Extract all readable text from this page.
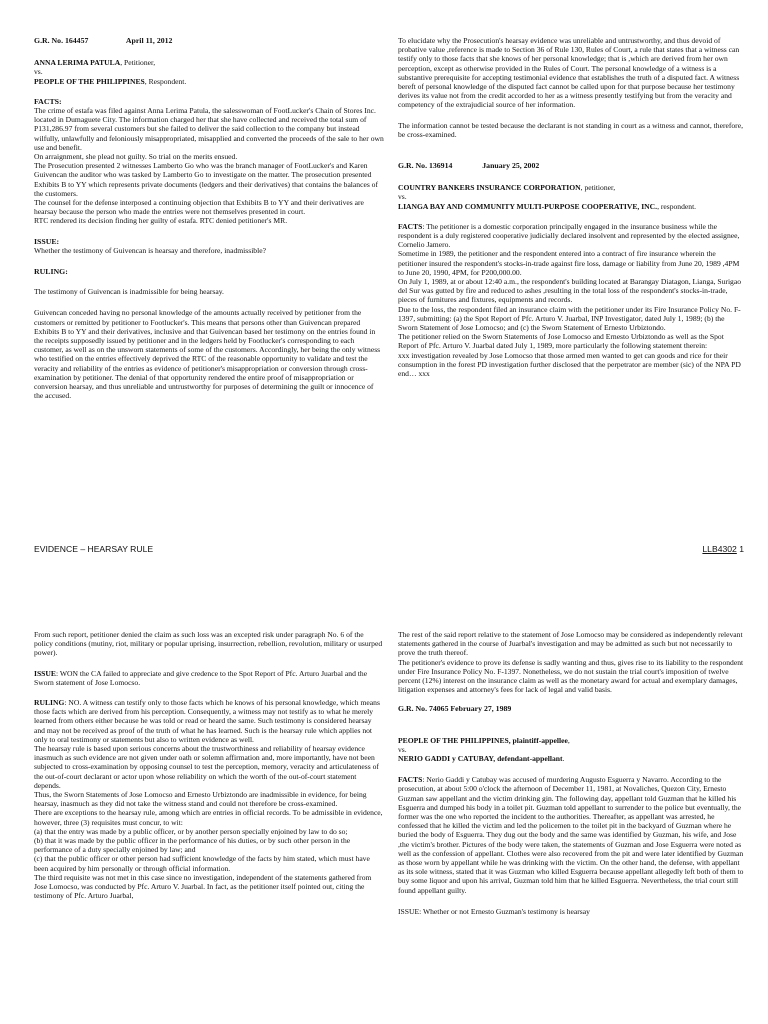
G.R. No. 164457	April 11, 2012

ANNA LERIMA PATULA, Petitioner,

vs.

PEOPLE OF THE PHILIPPINES, Respondent.

FACTS:

The crime of estafa was filed against Anna Lerima Patula, the salesswoman of FootLucker's Chain of Stores Inc. located in Dumaguete City. The information charged her that she have collected and received the total sum of P131,286.97 from several customers but she failed to deliver the said collection to the company but instead wilfully, unlawfully and feloniously misappropriated, misapplied and converted the proceeds of the sale to her own use and benefit.

On arraignment, she plead not guilty. So trial on the merits ensued.

The Prosecution presented 2 witnesses Lamberto Go who was the branch manager of FootLucker's and Karen Guivencan the auditor who was tasked by Lamberto Go to investigate on the matter. The prosecution presented Exhibits B to YY which represents private documents (ledgers and their derivatives) that contains the balances of the customers.

The counsel for the defense interposed a continuing objection that Exhibits B to YY and their derivatives are hearsay because the person who made the entries were not themselves presented in court.

RTC rendered its decision finding her guilty of estafa. RTC denied petitioner's MR.

ISSUE:

Whether the testimony of Guivencan is hearsay and therefore, inadmissible?

RULING:

The testimony of Guivencan is inadmissible for being hearsay.

Guivencan conceded having no personal knowledge of the amounts actually received by petitioner from the customers or remitted by petitioner to Footlucker's. This means that persons other than Guivencan prepared Exhibits B to YY and their derivatives, inclusive and that Guivencan based her testimony on the entries found in the receipts supposedly issued by petitioner and in the ledgers held by Footlucker's corresponding to each customer, as well as on the unsworn statements of some of the customers. Accordingly, her being the only witness who testified on the entries effectively deprived the RTC of the reasonable opportunity to validate and test the veracity and reliability of the entries as evidence of petitioner's misappropriation or conversion through cross-examination by petitioner. The denial of that opportunity rendered the entire proof of misappropriation or conversion hearsay, and thus unreliable and untrustworthy for purposes of determining the guilt or innocence of the accused.

To elucidate why the Prosecution's hearsay evidence was unreliable and untrustworthy, and thus devoid of probative value ,reference is made to Section 36 of Rule 130, Rules of Court, a rule that states that a witness can testify only to those facts that she knows of her personal knowledge; that is ,which are derived from her own perception, except as otherwise provided in the Rules of Court. The personal knowledge of a witness is a substantive prerequisite for accepting testimonial evidence that establishes the truth of a disputed fact. A witness bereft of personal knowledge of the disputed fact cannot be called upon for that purpose because her testimony derives its value not from the credit accorded to her as a witness presently testifying but from the veracity and competency of the extrajudicial source of her information.

The information cannot be tested because the declarant is not standing in court as a witness and cannot, therefore, be cross-examined.

G.R. No. 136914	January 25, 2002

COUNTRY BANKERS INSURANCE CORPORATION, petitioner,

vs.

LIANGA BAY AND COMMUNITY MULTI-PURPOSE COOPERATIVE, INC., respondent.

FACTS: The petitioner is a domestic corporation principally engaged in the insurance business while the respondent is a duly registered cooperative judicially declared insolvent and represented by the elected assignee, Cornelio Jamero.

Sometime in 1989, the petitioner and the respondent entered into a contract of fire insurance wherein the petitioner insured the respondent's stocks-in-trade against fire loss, damage or liability from June 20, 1989 ,4PM to June 20, 1990, 4PM, for P200,000.00.

On July 1, 1989, at or about 12:40 a.m., the respondent's building located at Barangay Diatagon, Lianga, Surigao del Sur was gutted by fire and reduced to ashes ,resulting in the total loss of the respondent's stocks-in-trade, pieces of furnitures and fixtures, equipments and records.

Due to the loss, the respondent filed an insurance claim with the petitioner under its Fire Insurance Policy No. F-1397, submitting: (a) the Spot Report of Pfc. Arturo V. Juarbal, INP Investigator, dated July 1, 1989; (b) the Sworn Statement of Jose Lomocso; and (c) the Sworn Statement of Ernesto Urbiztondo.

The petitioner relied on the Sworn Statements of Jose Lomocso and Ernesto Urbiztondo as well as the Spot Report of Pfc. Arturo V. Juarbal dated July 1, 1989, more particularly the following statement therein:

xxx investigation revealed by Jose Lomocso that those armed men wanted to get can goods and rice for their consumption in the forest PD investigation further disclosed that the perpetrator are member (sic) of the NPA PD end… xxx

EVIDENCE – HEARSAY RULE	LLB4302 1

From such report, petitioner denied the claim as such loss was an excepted risk under paragraph No. 6 of the policy conditions (mutiny, riot, military or popular uprising, insurrection, rebellion, revolution, military or usurped power).

ISSUE: WON the CA failed to appreciate and give credence to the Spot Report of Pfc. Arturo Juarbal and the Sworn statement of Jose Lomocso.

RULING: NO. A witness can testify only to those facts which he knows of his personal knowledge, which means those facts which are derived from his perception. Consequently, a witness may not testify as to what he merely learned from others either because he was told or read or heard the same. Such testimony is considered hearsay and may not be received as proof of the truth of what he has learned. Such is the hearsay rule which applies not only to oral testimony or statements but also to written evidence as well.

The hearsay rule is based upon serious concerns about the trustworthiness and reliability of hearsay evidence inasmuch as such evidence are not given under oath or solemn affirmation and, more importantly, have not been subjected to cross-examination by opposing counsel to test the perception, memory, veracity and articulateness of the out-of-court declarant or actor upon whose reliability on which the worth of the out-of-court statement depends.

Thus, the Sworn Statements of Jose Lomocso and Ernesto Urbiztondo are inadmissible in evidence, for being hearsay, inasmuch as they did not take the witness stand and could not therefore be cross-examined.

There are exceptions to the hearsay rule, among which are entries in official records. To be admissible in evidence, however, three (3) requisites must concur, to wit:

(a) that the entry was made by a public officer, or by another person specially enjoined by law to do so;

(b) that it was made by the public officer in the performance of his duties, or by such other person in the performance of a duty specially enjoined by law; and

(c) that the public officer or other person had sufficient knowledge of the facts by him stated, which must have been acquired by him personally or through official information.

The third requisite was not met in this case since no investigation, independent of the statements gathered from Jose Lomocso, was conducted by Pfc. Arturo V. Juarbal. In fact, as the petitioner itself pointed out, citing the testimony of Pfc. Arturo Juarbal,

The rest of the said report relative to the statement of Jose Lomocso may be considered as independently relevant statements gathered in the course of Juarbal's investigation and may be admitted as such but not necessarily to prove the truth thereof.

The petitioner's evidence to prove its defense is sadly wanting and thus, gives rise to its liability to the respondent under Fire Insurance Policy No. F-1397. Nonetheless, we do not sustain the trial court's imposition of twelve percent (12%) interest on the insurance claim as well as the monetary award for actual and exemplary damages, litigation expenses and attorney's fees for lack of legal and valid basis.

G.R. No. 74065 February 27, 1989

PEOPLE OF THE PHILIPPINES, plaintiff-appellee,

vs.

NERIO GADDI y CATUBAY, defendant-appellant.

FACTS: Nerio Gaddi y Catubay was accused of murdering Augusto Esguerra y Navarro. According to the prosecution, at about 5:00 o'clock the afternoon of December 11, 1981, at Novaliches, Quezon City, Ernesto Guzman saw appellant and the victim drinking gin. The following day, appellant told Guzman that he killed his Esguerra and dumped his body in a toilet pit. Guzman told appellant to surrender to the police but eventually, the former was the one who reported the incident to the authorities. Thereafter, as appellant was arrested, he confessed that he killed the victim and led the policemen to the toilet pit in the backyard of Guzman where he buried the body of Esguerra. They dug out the body and the same was identified by Guzman, his wife, and Jose ,the victim's brother. Pictures of the body were taken, the statements of Guzman and Jose Esguerra were noted as well as the confession of appellant. Clothes were also recovered from the pit and were later identified by Guzman as those worn by appellant while he was drinking with the victim. On the other hand, the defense, with appellant as its sole witness, stated that it was Guzman who killed Esguerra because appellant allegedly left both of them to buy some liquor and upon his arrival, Guzman told him that he killed Esguerra. Nevertheless, the trial court still found appellant guilty.

ISSUE: Whether or not Ernesto Guzman's testimony is hearsay
